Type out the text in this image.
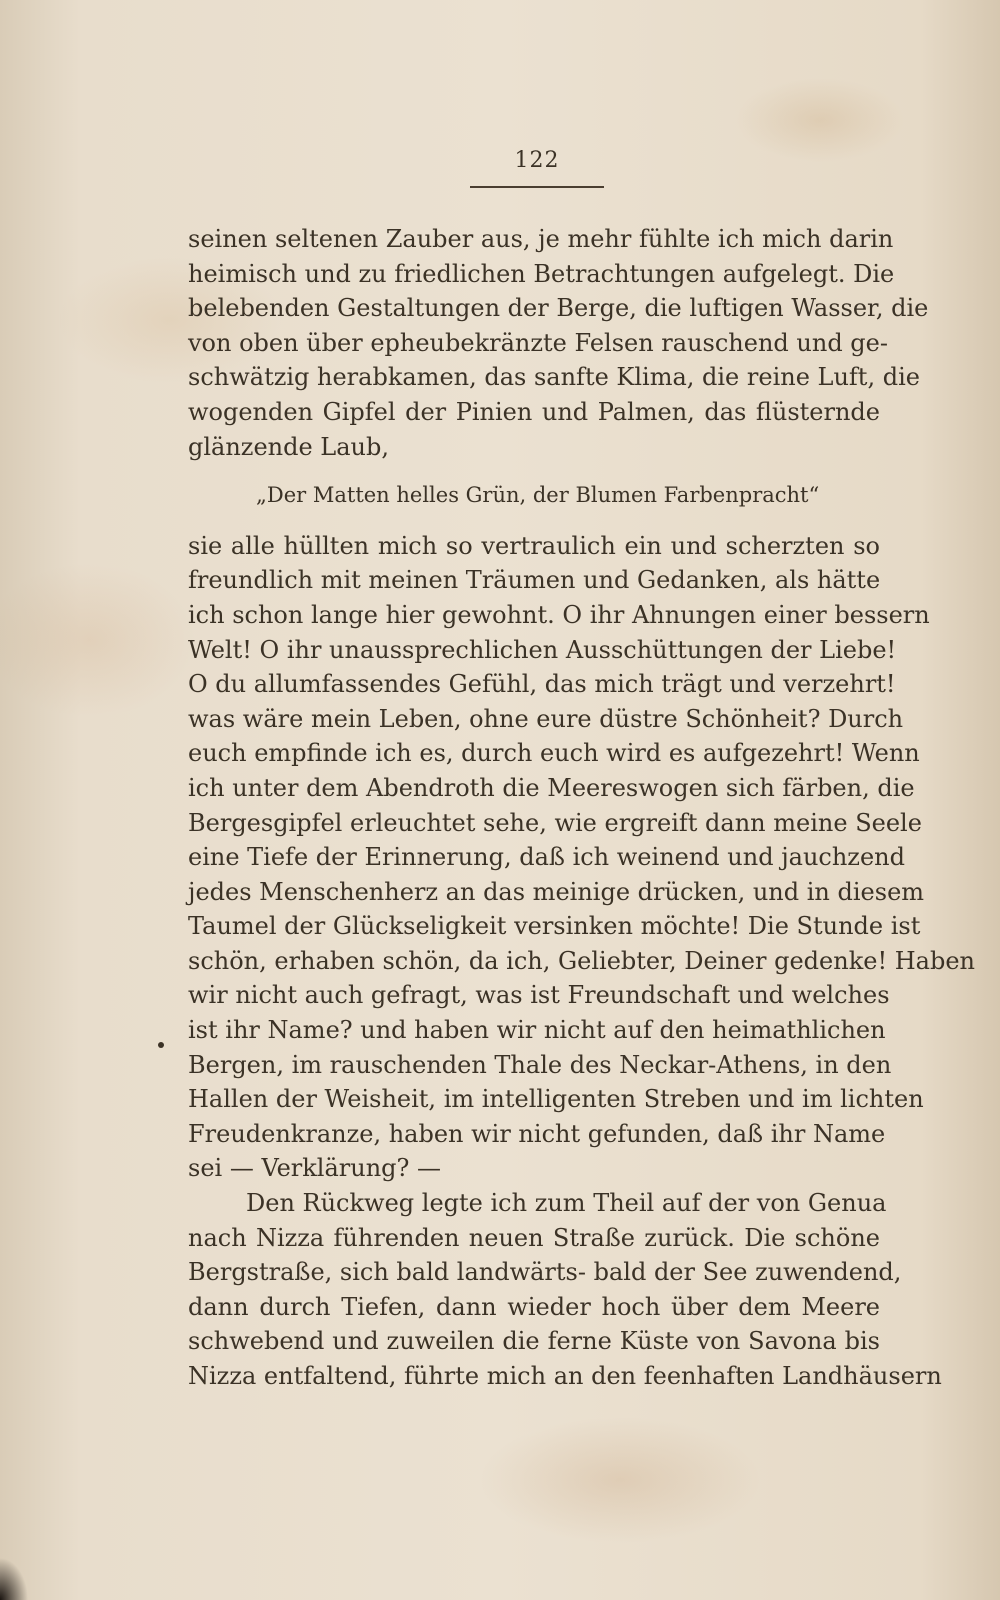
122
seinen seltenen Zauber aus, je mehr fühlte ich mich darin
heimisch und zu friedlichen Betrachtungen aufgelegt. Die
belebenden Gestaltungen der Berge, die luftigen Wasser, die
von oben über epheubekränzte Felsen rauschend und ge-
schwätzig herabkamen, das sanfte Klima, die reine Luft, die
wogenden Gipfel der Pinien und Palmen, das flüsternde
glänzende Laub,
„Der Matten helles Grün, der Blumen Farbenpracht“
sie alle hüllten mich so vertraulich ein und scherzten so
freundlich mit meinen Träumen und Gedanken, als hätte
ich schon lange hier gewohnt. O ihr Ahnungen einer bessern
Welt! O ihr unaussprechlichen Ausschüttungen der Liebe!
O du allumfassendes Gefühl, das mich trägt und verzehrt!
was wäre mein Leben, ohne eure düstre Schönheit? Durch
euch empfinde ich es, durch euch wird es aufgezehrt! Wenn
ich unter dem Abendroth die Meereswogen sich färben, die
Bergesgipfel erleuchtet sehe, wie ergreift dann meine Seele
eine Tiefe der Erinnerung, daß ich weinend und jauchzend
jedes Menschenherz an das meinige drücken, und in diesem
Taumel der Glückseligkeit versinken möchte! Die Stunde ist
schön, erhaben schön, da ich, Geliebter, Deiner gedenke! Haben
wir nicht auch gefragt, was ist Freundschaft und welches
ist ihr Name? und haben wir nicht auf den heimathlichen
Bergen, im rauschenden Thale des Neckar-Athens, in den
Hallen der Weisheit, im intelligenten Streben und im lichten
Freudenkranze, haben wir nicht gefunden, daß ihr Name
sei — Verklärung? —
Den Rückweg legte ich zum Theil auf der von Genua
nach Nizza führenden neuen Straße zurück. Die schöne
Bergstraße, sich bald landwärts- bald der See zuwendend,
dann durch Tiefen, dann wieder hoch über dem Meere
schwebend und zuweilen die ferne Küste von Savona bis
Nizza entfaltend, führte mich an den feenhaften Landhäusern
